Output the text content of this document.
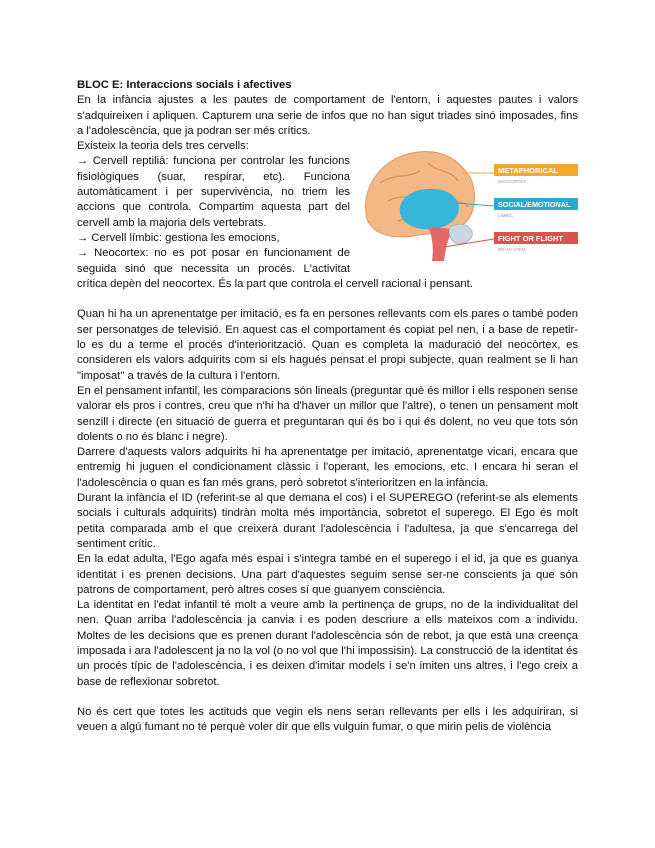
BLOC E: Interaccions socials i afectives

En la infància ajustes a les pautes de comportament de l'entorn, i aquestes pautes i valors s'adquireixen i apliquen. Capturem una serie de infos que no han sigut triades sinó imposades, fins a l'adolescència, que ja podran ser més crítics.

METAPHORICAL
NEOCORTEX
SOCIAL/EMOTIONAL
LIMBIC
FIGHT OR FLIGHT
BRAIN STEM

Existeix la teoria dels tres cervells:

→ Cervell reptilià: funciona per controlar les funcions fisiològiques (suar, respirar, etc). Funciona automàticament i per supervivència, no triem les accions que controla. Compartim aquesta part del cervell amb la majoria dels vertebrats.

→ Cervell límbic: gestiona les emocions,

→ Neocortex: no es pot posar en funcionament de seguida sinó que necessita un procés. L'activitat crítica depèn del neocortex. És la part que controla el cervell racional i pensant.

Quan hi ha un aprenentatge per imitació, es fa en persones rellevants com els pares o també poden ser personatges de televisió. En aquest cas el comportament és copiat pel nen, i a base de repetir-lo es du a terme el procés d'interiorització. Quan es completa la maduració del neocòrtex, es consideren els valors adquirits com si els hagués pensat el propi subjecte, quan realment se li han "imposat" a través de la cultura i l'entorn.

En el pensament infantil, les comparacions són lineals (preguntar què és millor i ells responen sense valorar els pros i contres, creu que n'hi ha d'haver un millor que l'altre), o tenen un pensament molt senzill i directe (en situació de guerra et preguntaran qui és bo i qui és dolent, no veu que tots són dolents o no és blanc i negre).

Darrere d'aquests valors adquirits hi ha aprenentatge per imitació, aprenentatge vicari, encara que entremig hi juguen el condicionament clàssic i l'operant, les emocions, etc. I encara hi seran el l'adolescència o quan es fan més grans, però sobretot s'interioritzen en la infància.

Durant la infància el ID (referint-se al que demana el cos) i el SUPEREGO (referint-se als elements socials i culturals adquirits) tindràn molta més importància, sobretot el superego. El Ego és molt petita comparada amb el que creixerà durant l'adolescència i l'adultesa, ja que s'encarrega del sentiment crític.

En la edat adulta, l'Ego agafa més espai i s'integra també en el superego i el id, ja que es guanya identitat i es prenen decisions. Una part d'aquestes seguim sense ser-ne conscients ja que són patrons de comportament, però altres coses sí que guanyem consciència.

La identitat en l'edat infantil té molt a veure amb la pertinença de grups, no de la individualitat del nen. Quan arriba l'adolescència ja canvia i es poden descriure a ells mateixos com a individu. Moltes de les decisions que es prenen durant l'adolescència són de rebot, ja que està una creença imposada i ara l'adolescent ja no la vol (o no vol que l'hi impossisin). La construcció de la identitat és un procés típic de l'adolescència, i es deixen d'imitar models i se'n imiten uns altres, i l'ego creix a base de reflexionar sobretot.

No és cert que totes les actituds que vegin els nens seran rellevants per ells i les adquiriran, si veuen a algú fumant no té perquè voler dir que ells vulguin fumar, o que mirin pelis de violència
